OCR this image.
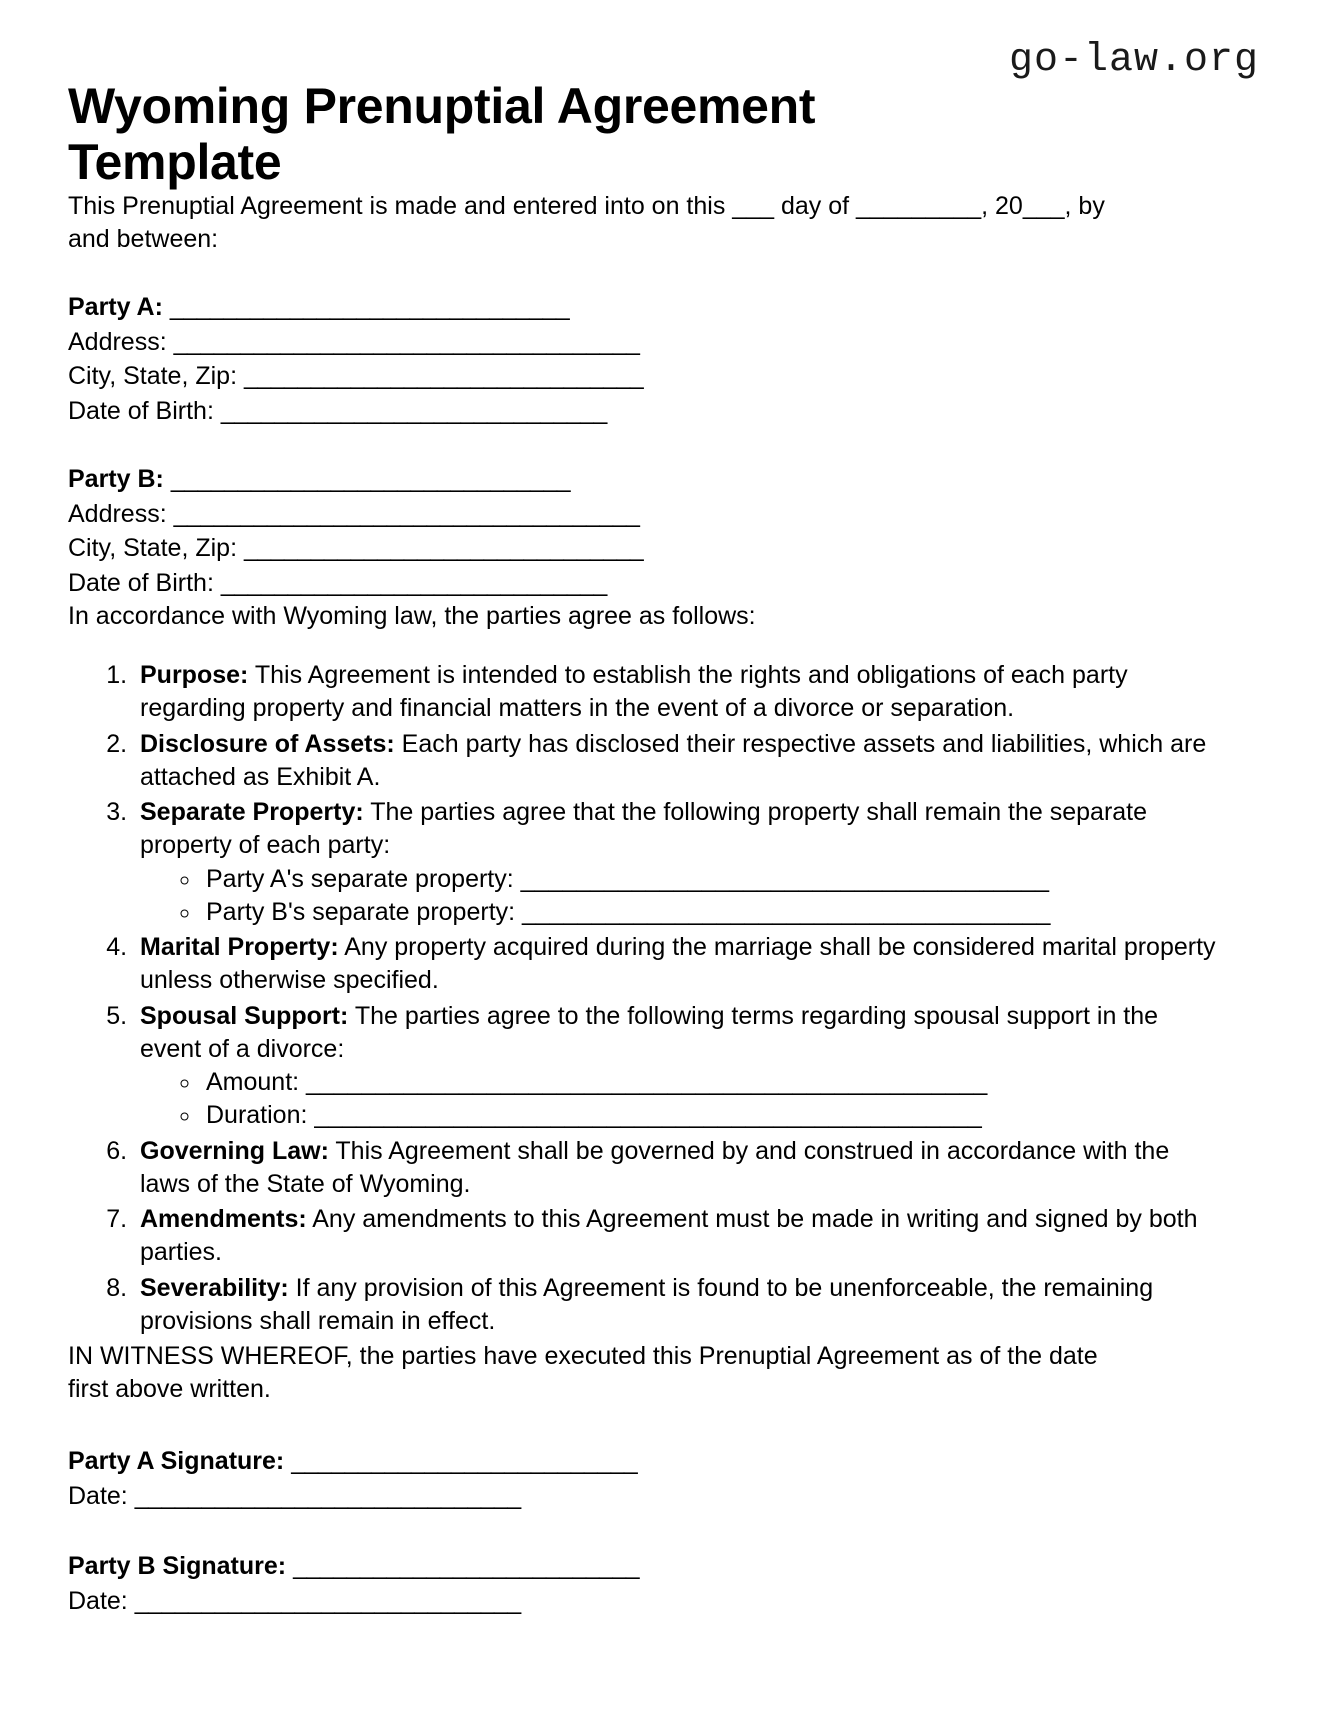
go-law.org
Wyoming Prenuptial Agreement Template

This Prenuptial Agreement is made and entered into on this ___ day of _________, 20___, by and between:

Party A: ______________________________
Address: ___________________________________
City, State, Zip: ______________________________
Date of Birth: _____________________________
Party B: ______________________________
Address: ___________________________________
City, State, Zip: ______________________________
Date of Birth: _____________________________

In accordance with Wyoming law, the parties agree as follows:

1. Purpose: This Agreement is intended to establish the rights and obligations of each party regarding property and financial matters in the event of a divorce or separation.
2. Disclosure of Assets: Each party has disclosed their respective assets and liabilities, which are attached as Exhibit A.
3. Separate Property: The parties agree that the following property shall remain the separate property of each party:
◦ Party A's separate property: ______________________________________
◦ Party B's separate property: ______________________________________
4. Marital Property: Any property acquired during the marriage shall be considered marital property unless otherwise specified.
5. Spousal Support: The parties agree to the following terms regarding spousal support in the event of a divorce:
◦ Amount: _________________________________________________
◦ Duration: ________________________________________________
6. Governing Law: This Agreement shall be governed by and construed in accordance with the laws of the State of Wyoming.
7. Amendments: Any amendments to this Agreement must be made in writing and signed by both parties.
8. Severability: If any provision of this Agreement is found to be unenforceable, the remaining provisions shall remain in effect.

IN WITNESS WHEREOF, the parties have executed this Prenuptial Agreement as of the date first above written.

Party A Signature: __________________________
Date: _____________________________
Party B Signature: __________________________
Date: _____________________________
